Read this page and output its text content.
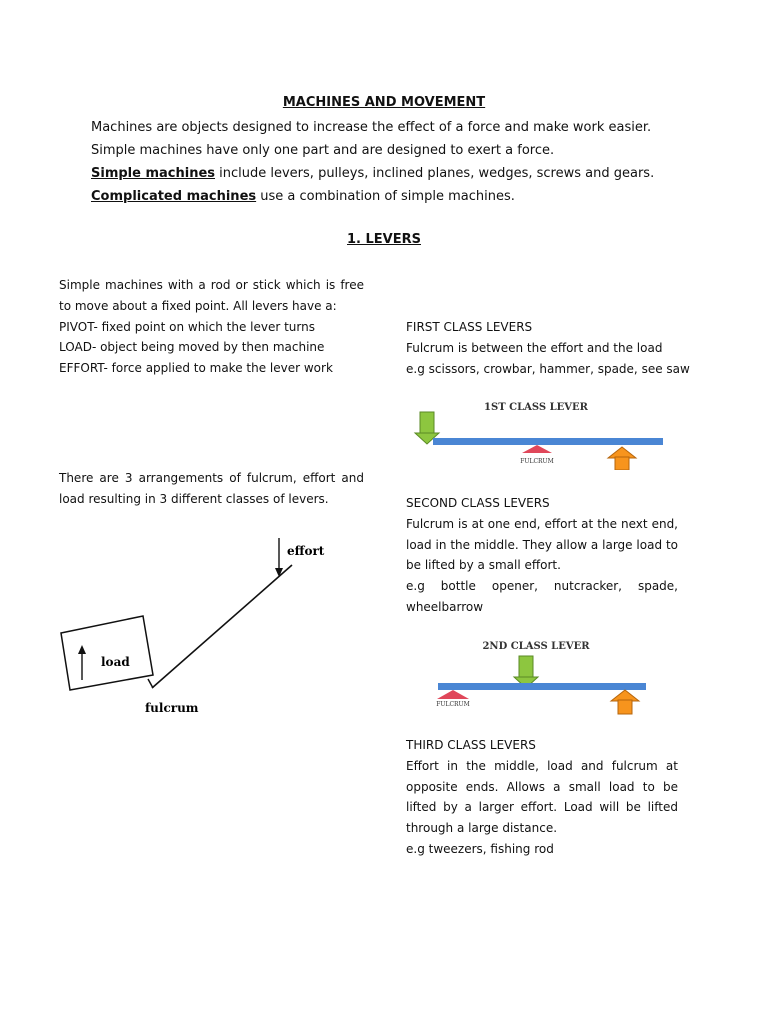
MACHINES AND MOVEMENT

Machines are objects designed to increase the effect of a force and make work easier.

Simple machines have only one part and are designed to exert a force.

Simple machines include levers, pulleys, inclined planes, wedges, screws and gears.

Complicated machines use a combination of simple machines.

1. LEVERS

Simple machines with a rod or stick which is free to move about a fixed point. All levers have a:

PIVOT- fixed point on which the lever turns

LOAD- object being moved by then machine

EFFORT- force applied to make the lever work

There are 3 arrangements of fulcrum, effort and load resulting in 3 different classes of levers.
load
effort
fulcrum

FIRST CLASS LEVERS

Fulcrum is between the effort and the load

e.g scissors, crowbar, hammer, spade, see saw

1ST CLASS LEVER
FULCRUM

SECOND CLASS LEVERS

Fulcrum is at one end, effort at the next end, load in the middle. They allow a large load to be lifted by a small effort.

e.g bottle opener, nutcracker, spade, wheelbarrow

2ND CLASS LEVER
FULCRUM

THIRD CLASS LEVERS

Effort in the middle, load and fulcrum at opposite ends. Allows a small load to be lifted by a larger effort. Load will be lifted through a large distance.

e.g tweezers, fishing rod
